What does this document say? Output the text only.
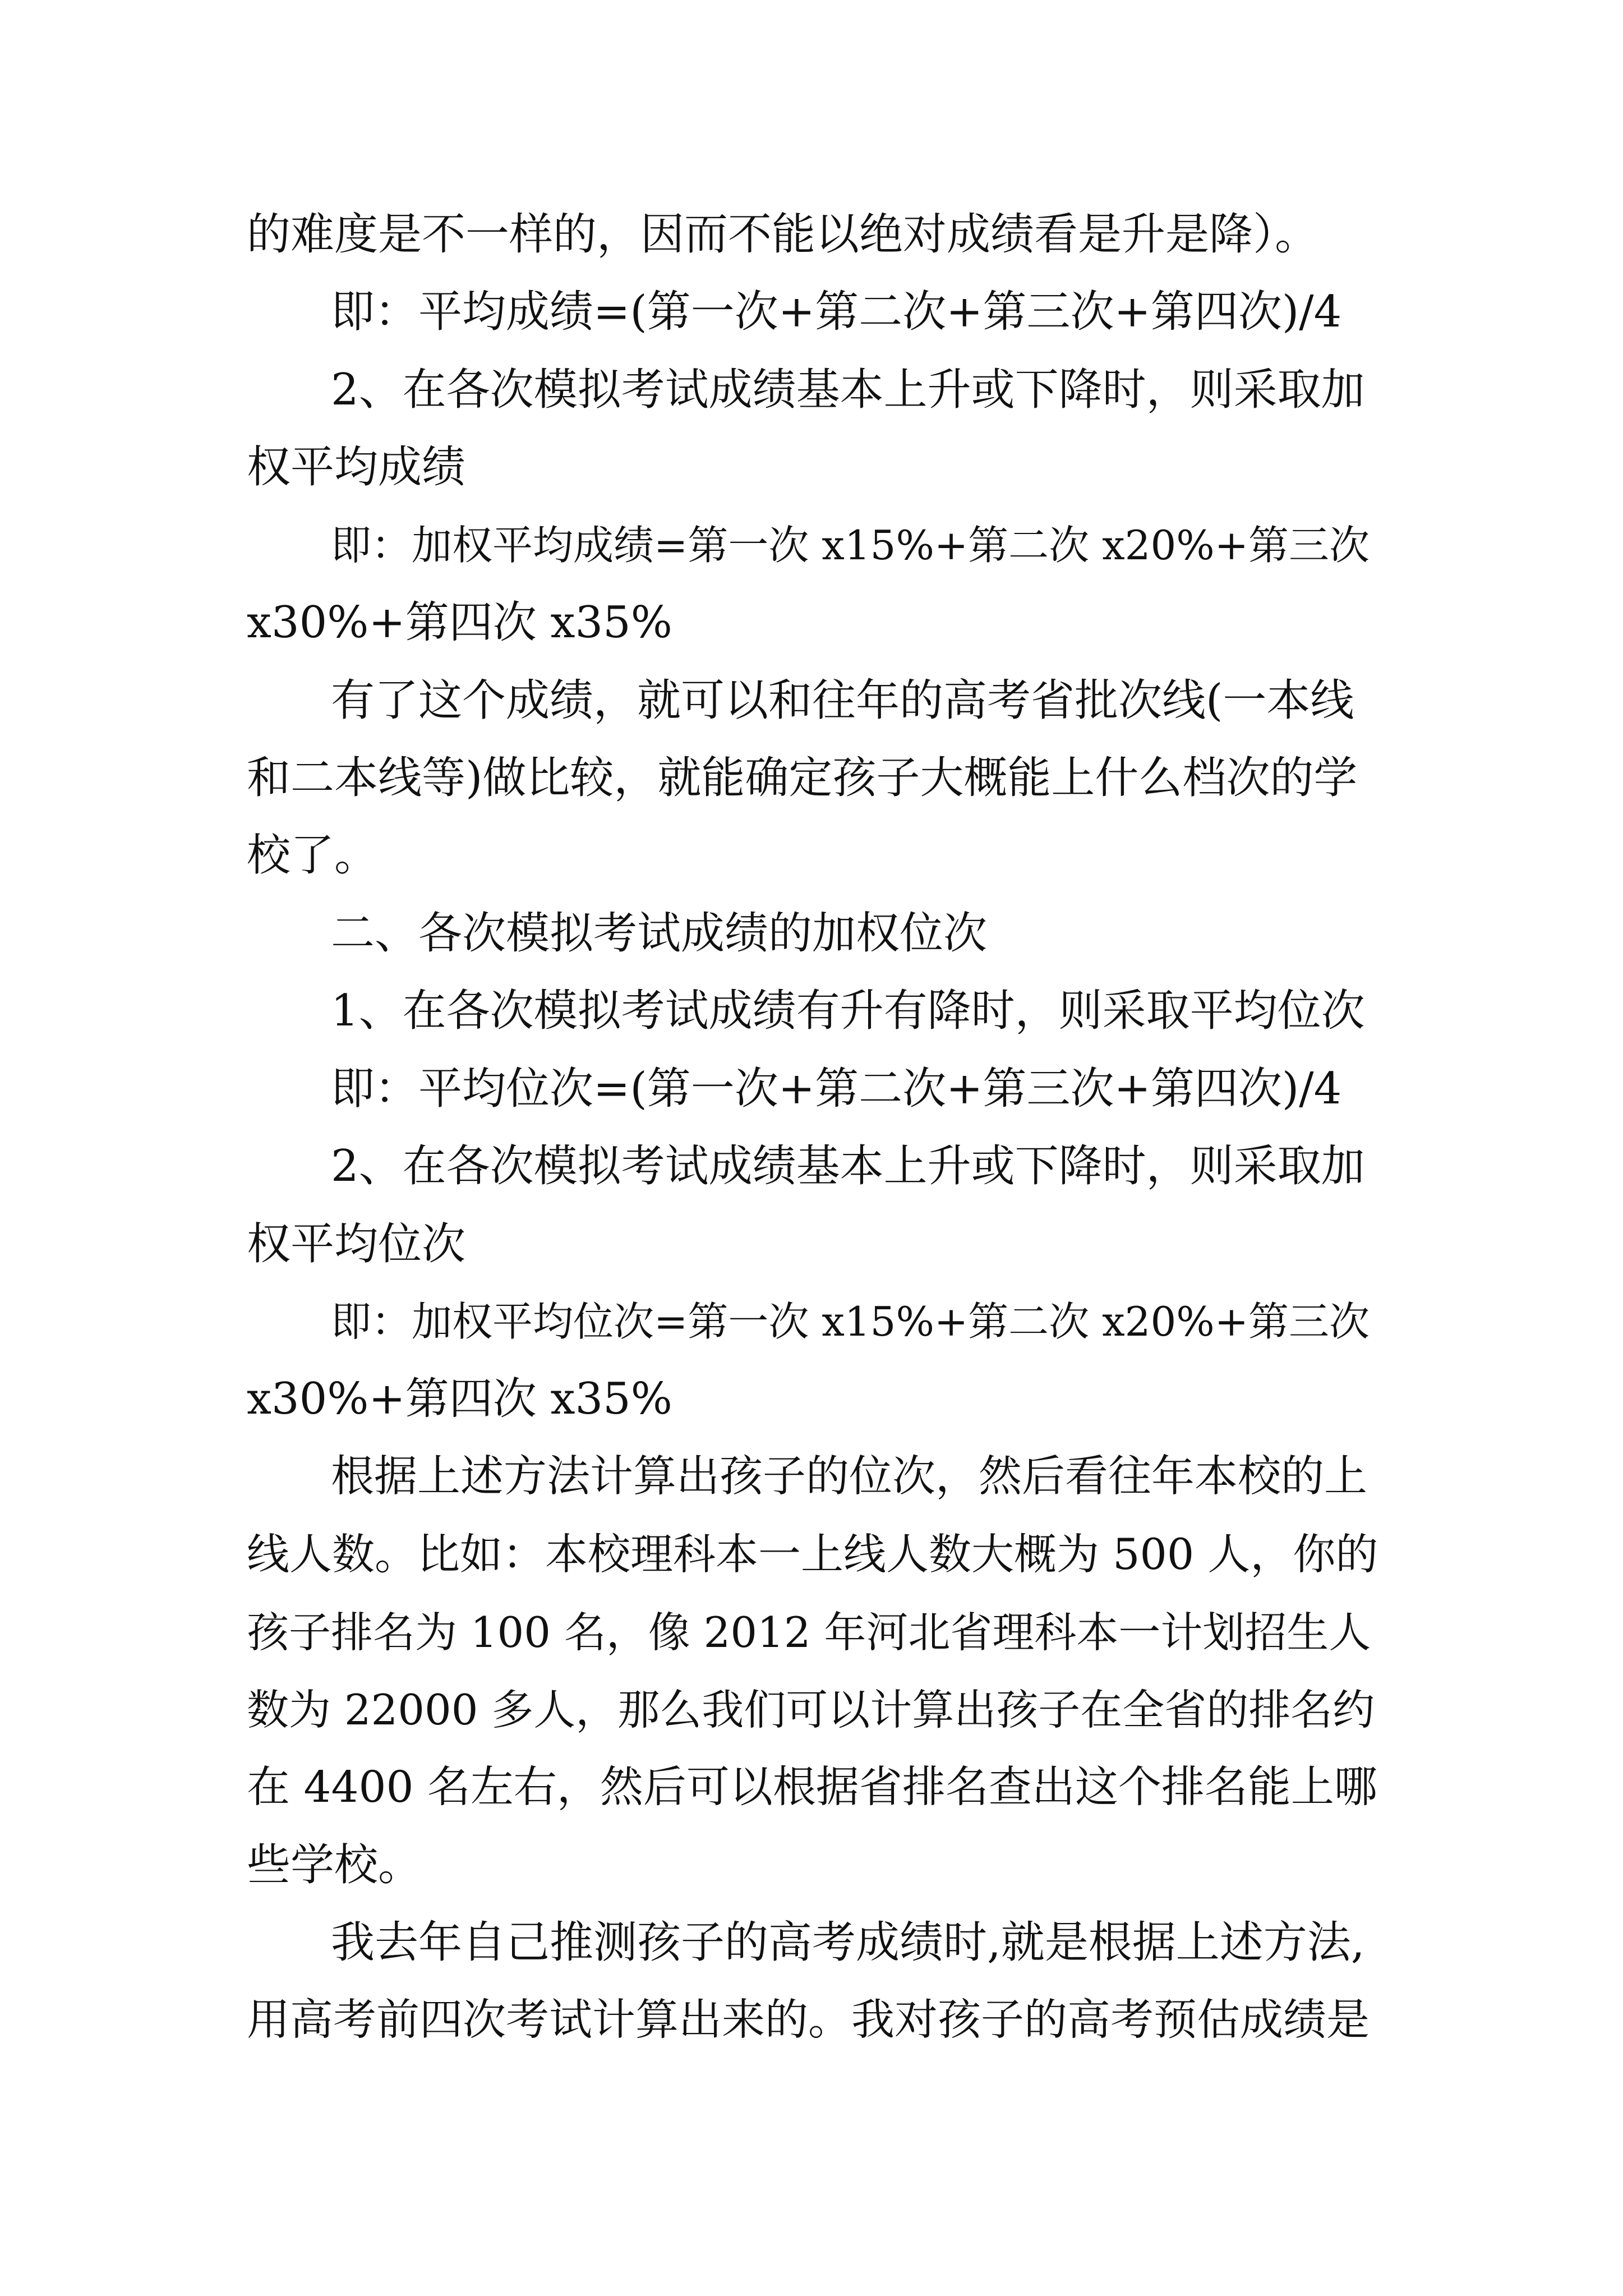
的难度是不一样的，因而不能以绝对成绩看是升是降）。
即：平均成绩=(第一次+第二次+第三次+第四次)/4
2、在各次模拟考试成绩基本上升或下降时，则采取加
权平均成绩
即：加权平均成绩=第一次 x15%+第二次 x20%+第三次
x30%+第四次 x35%
有了这个成绩，就可以和往年的高考省批次线(一本线
和二本线等)做比较，就能确定孩子大概能上什么档次的学
校了。
二、各次模拟考试成绩的加权位次
1、在各次模拟考试成绩有升有降时，则采取平均位次
即：平均位次=(第一次+第二次+第三次+第四次)/4
2、在各次模拟考试成绩基本上升或下降时，则采取加
权平均位次
即：加权平均位次=第一次 x15%+第二次 x20%+第三次
x30%+第四次 x35%
根据上述方法计算出孩子的位次，然后看往年本校的上
线人数。比如：本校理科本一上线人数大概为 500 人，你的
孩子排名为 100 名，像 2012 年河北省理科本一计划招生人
数为 22000 多人，那么我们可以计算出孩子在全省的排名约
在 4400 名左右，然后可以根据省排名查出这个排名能上哪
些学校。
我去年自己推测孩子的高考成绩时,就是根据上述方法,
用高考前四次考试计算出来的。我对孩子的高考预估成绩是
